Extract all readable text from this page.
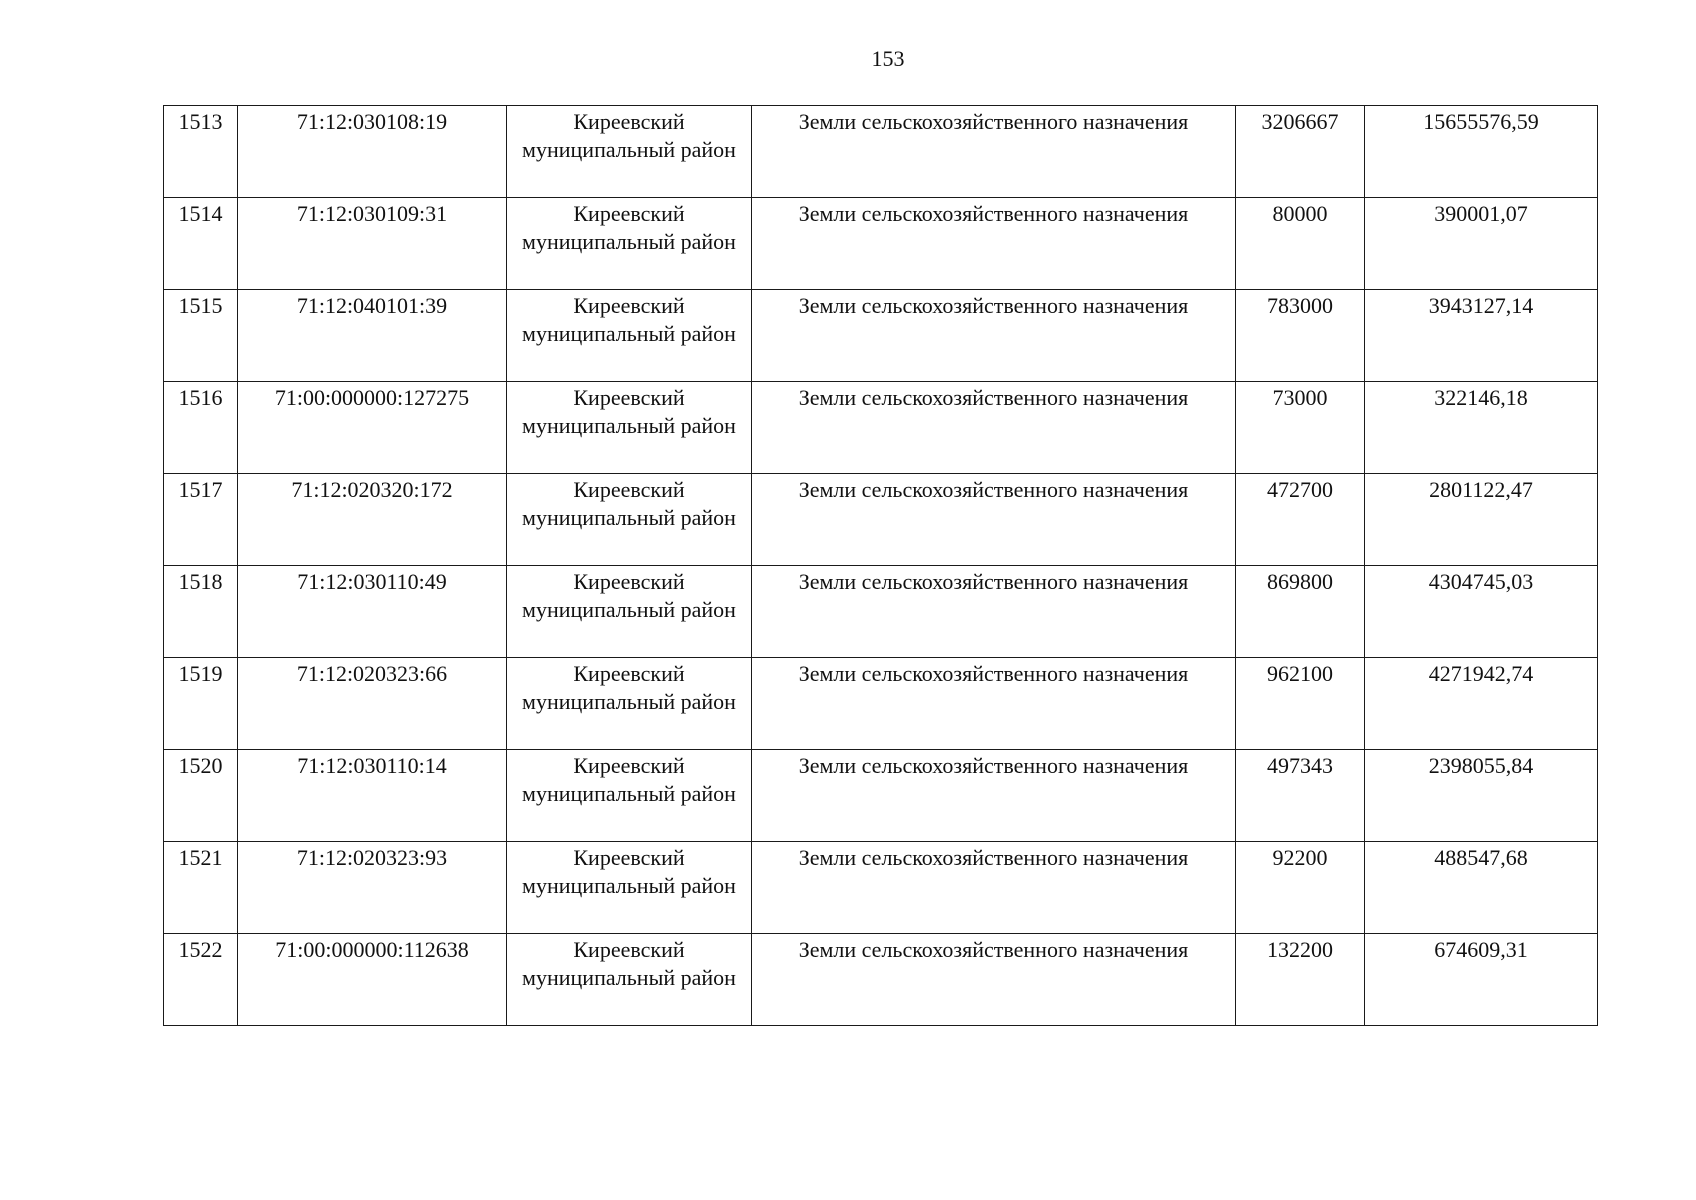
153
1513	71:12:030108:19	Киреевский муниципальный район	Земли сельскохозяйственного назначения	3206667	15655576,59
1514	71:12:030109:31	Киреевский муниципальный район	Земли сельскохозяйственного назначения	80000	390001,07
1515	71:12:040101:39	Киреевский муниципальный район	Земли сельскохозяйственного назначения	783000	3943127,14
1516	71:00:000000:127275	Киреевский муниципальный район	Земли сельскохозяйственного назначения	73000	322146,18
1517	71:12:020320:172	Киреевский муниципальный район	Земли сельскохозяйственного назначения	472700	2801122,47
1518	71:12:030110:49	Киреевский муниципальный район	Земли сельскохозяйственного назначения	869800	4304745,03
1519	71:12:020323:66	Киреевский муниципальный район	Земли сельскохозяйственного назначения	962100	4271942,74
1520	71:12:030110:14	Киреевский муниципальный район	Земли сельскохозяйственного назначения	497343	2398055,84
1521	71:12:020323:93	Киреевский муниципальный район	Земли сельскохозяйственного назначения	92200	488547,68
1522	71:00:000000:112638	Киреевский муниципальный район	Земли сельскохозяйственного назначения	132200	674609,31
